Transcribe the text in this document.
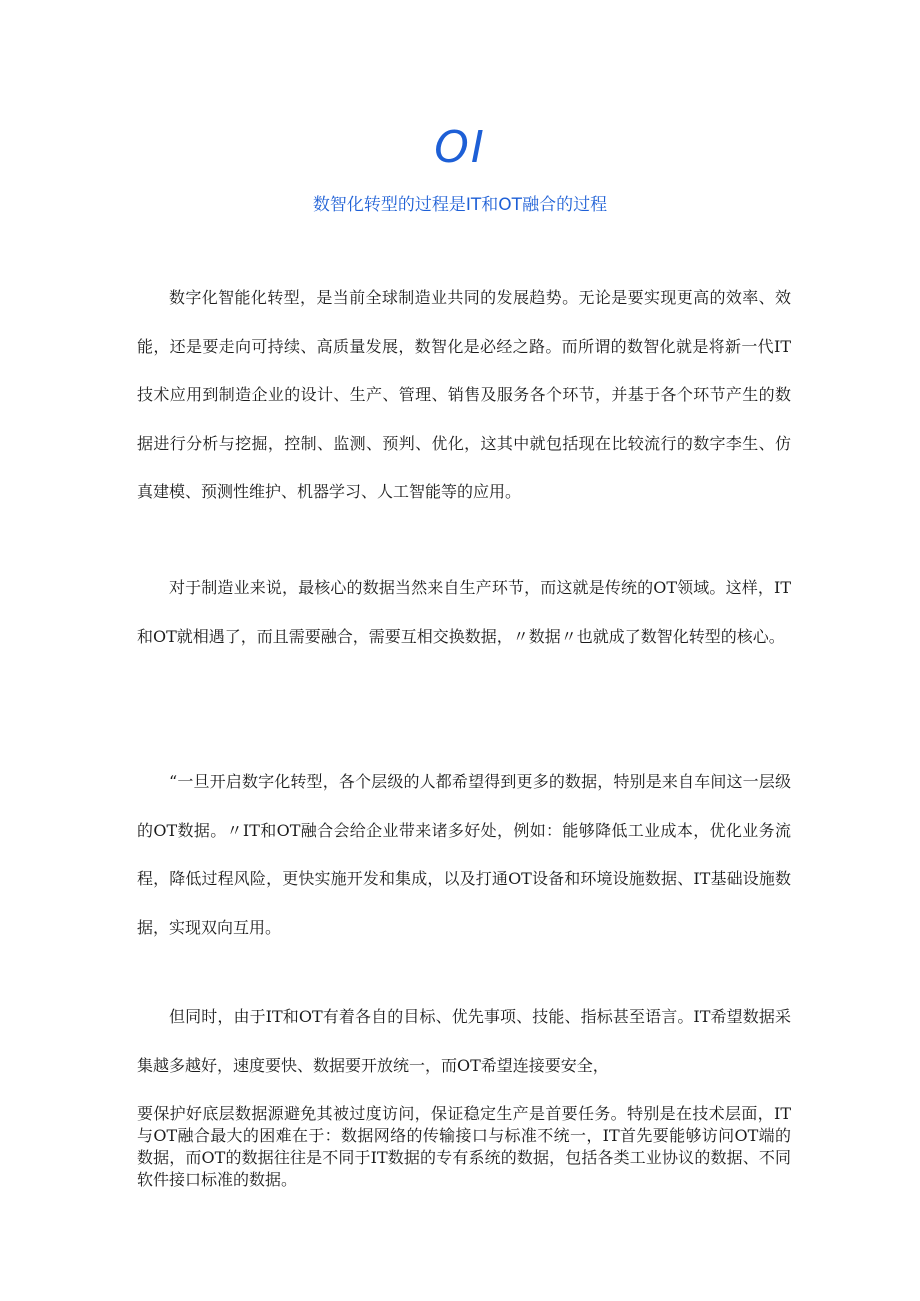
OI
数智化转型的过程是IT和OT融合的过程

数字化智能化转型，是当前全球制造业共同的发展趋势。无论是要实现更高的效率、效能，还是要走向可持续、高质量发展，数智化是必经之路。而所谓的数智化就是将新一代IT技术应用到制造企业的设计、生产、管理、销售及服务各个环节，并基于各个环节产生的数据进行分析与挖掘，控制、监测、预判、优化，这其中就包括现在比较流行的数字李生、仿真建模、预测性维护、机器学习、人工智能等的应用。

对于制造业来说，最核心的数据当然来自生产环节，而这就是传统的OT领域。这样，IT和OT就相遇了，而且需要融合，需要互相交换数据，〃数据〃也就成了数智化转型的核心。

“一旦开启数字化转型，各个层级的人都希望得到更多的数据，特别是来自车间这一层级的OT数据。〃IT和OT融合会给企业带来诸多好处，例如：能够降低工业成本，优化业务流程，降低过程风险，更快实施开发和集成，以及打通OT设备和环境设施数据、IT基础设施数据，实现双向互用。

但同时，由于IT和OT有着各自的目标、优先事项、技能、指标甚至语言。IT希望数据采集越多越好，速度要快、数据要开放统一，而OT希望连接要安全，

要保护好底层数据源避免其被过度访问，保证稳定生产是首要任务。特别是在技术层面，IT与OT融合最大的困难在于：数据网络的传输接口与标准不统一，IT首先要能够访问OT端的数据，而OT的数据往往是不同于IT数据的专有系统的数据，包括各类工业协议的数据、不同软件接口标准的数据。
